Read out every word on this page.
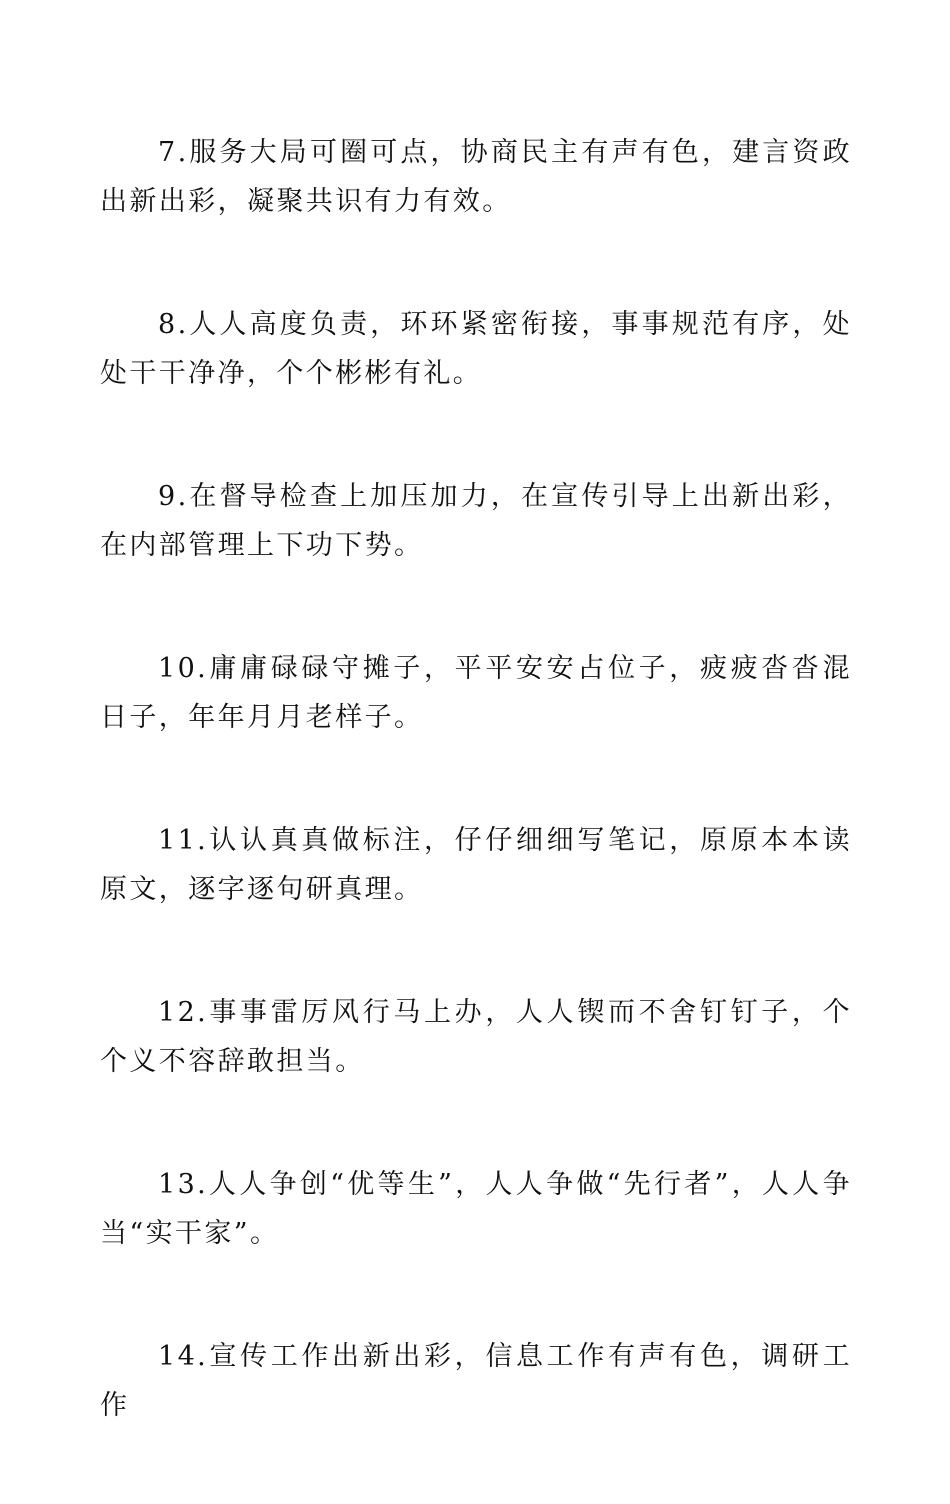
7.服务大局可圈可点，协商民主有声有色，建言资政出新出彩，凝聚共识有力有效。

8.人人高度负责，环环紧密衔接，事事规范有序，处处干干净净，个个彬彬有礼。

9.在督导检查上加压加力，在宣传引导上出新出彩，在内部管理上下功下势。

10.庸庸碌碌守摊子，平平安安占位子，疲疲沓沓混日子，年年月月老样子。

11.认认真真做标注，仔仔细细写笔记，原原本本读原文，逐字逐句研真理。

12.事事雷厉风行马上办，人人锲而不舍钉钉子，个个义不容辞敢担当。

13.人人争创“优等生”，人人争做“先行者”，人人争当“实干家”。

14.宣传工作出新出彩，信息工作有声有色，调研工作
